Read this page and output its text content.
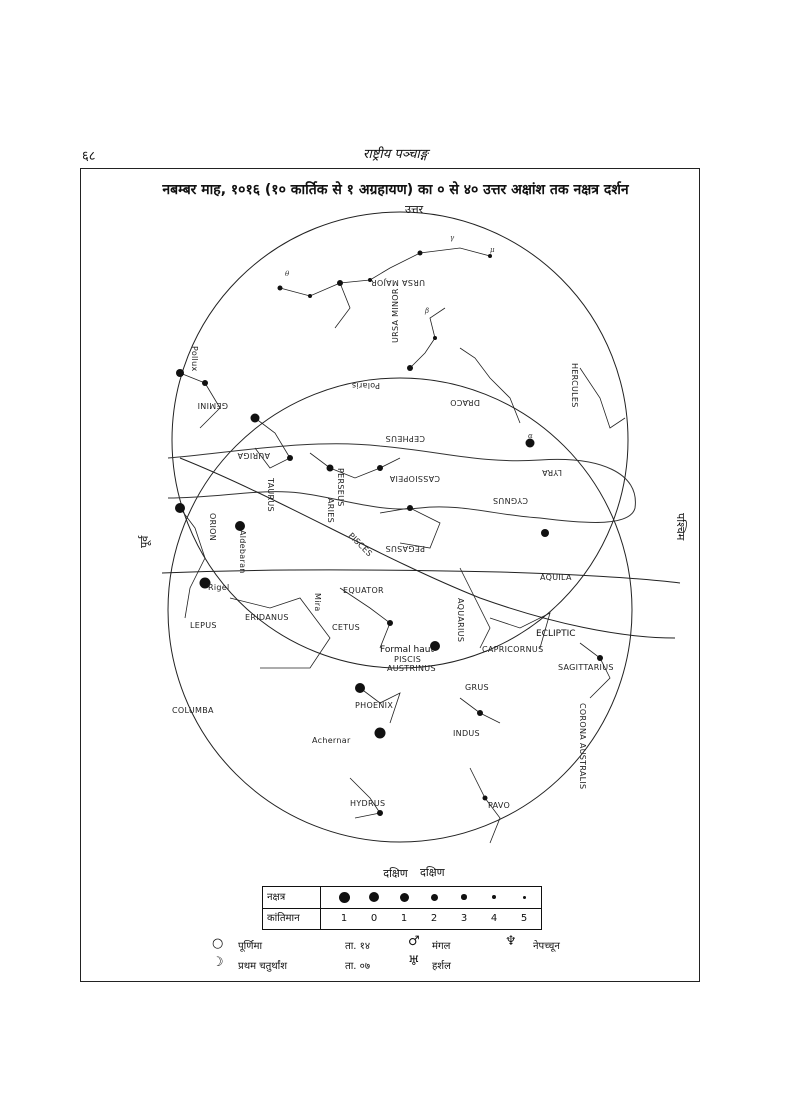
६८	राष्ट्रीय पञ्चाङ्ग
नबम्बर माह, १०१६ (१० कार्तिक से १ अग्रहायण) का ० से ४० उत्तर अक्षांश तक नक्षत्र दर्शन
उत्तर
दक्षिण
पूर्व
पश्चिम
URSA MAJOR
URSA MINOR
Polaris
DRACO	HERCULES
GEMINI
Pollux
CEPHEUS
AURIGA
LYRA
CASSIOPEIA
PERSEUS	CYGNUS
TAURUS
ORION
ARIES
PEGASUS
Aldebaran	PISCES
AQUILA
Rigel	EQUATOR
Mira	AQUARIUS
ERIDANUS
LEPUS	CETUS
ECLIPTIC
CAPRICORNUS
Formal haut
PISCIS
AUSTRINUS	SAGITTARIUS
GRUS
COLUMBA
PHOENIX	CORONA AUSTRALIS
INDUS
Achernar
HYDRUS	PAVO
γ
μ
θ
β
α
दक्षिण
नक्षत्र
कांतिमान	1	0	1	2	3	4	5
○ पूर्णिमा	ता. १४	♂ मंगल	♆ नेपच्चून
☽ प्रथम चतुर्थांश	ता. ०७	♅ हर्शल
